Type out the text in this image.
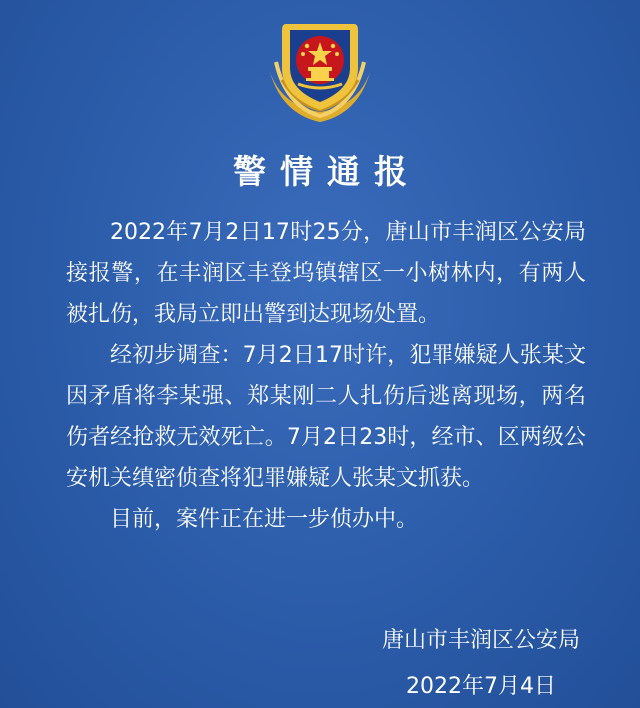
警情通报

2022年7月2日17时25分，唐山市丰润区公安局接报警，在丰润区丰登坞镇辖区一小树林内，有两人被扎伤，我局立即出警到达现场处置。

经初步调查：7月2日17时许，犯罪嫌疑人张某文因矛盾将李某强、郑某刚二人扎伤后逃离现场，两名伤者经抢救无效死亡。7月2日23时，经市、区两级公安机关缜密侦查将犯罪嫌疑人张某文抓获。

目前，案件正在进一步侦办中。

唐山市丰润区公安局
2022年7月4日
